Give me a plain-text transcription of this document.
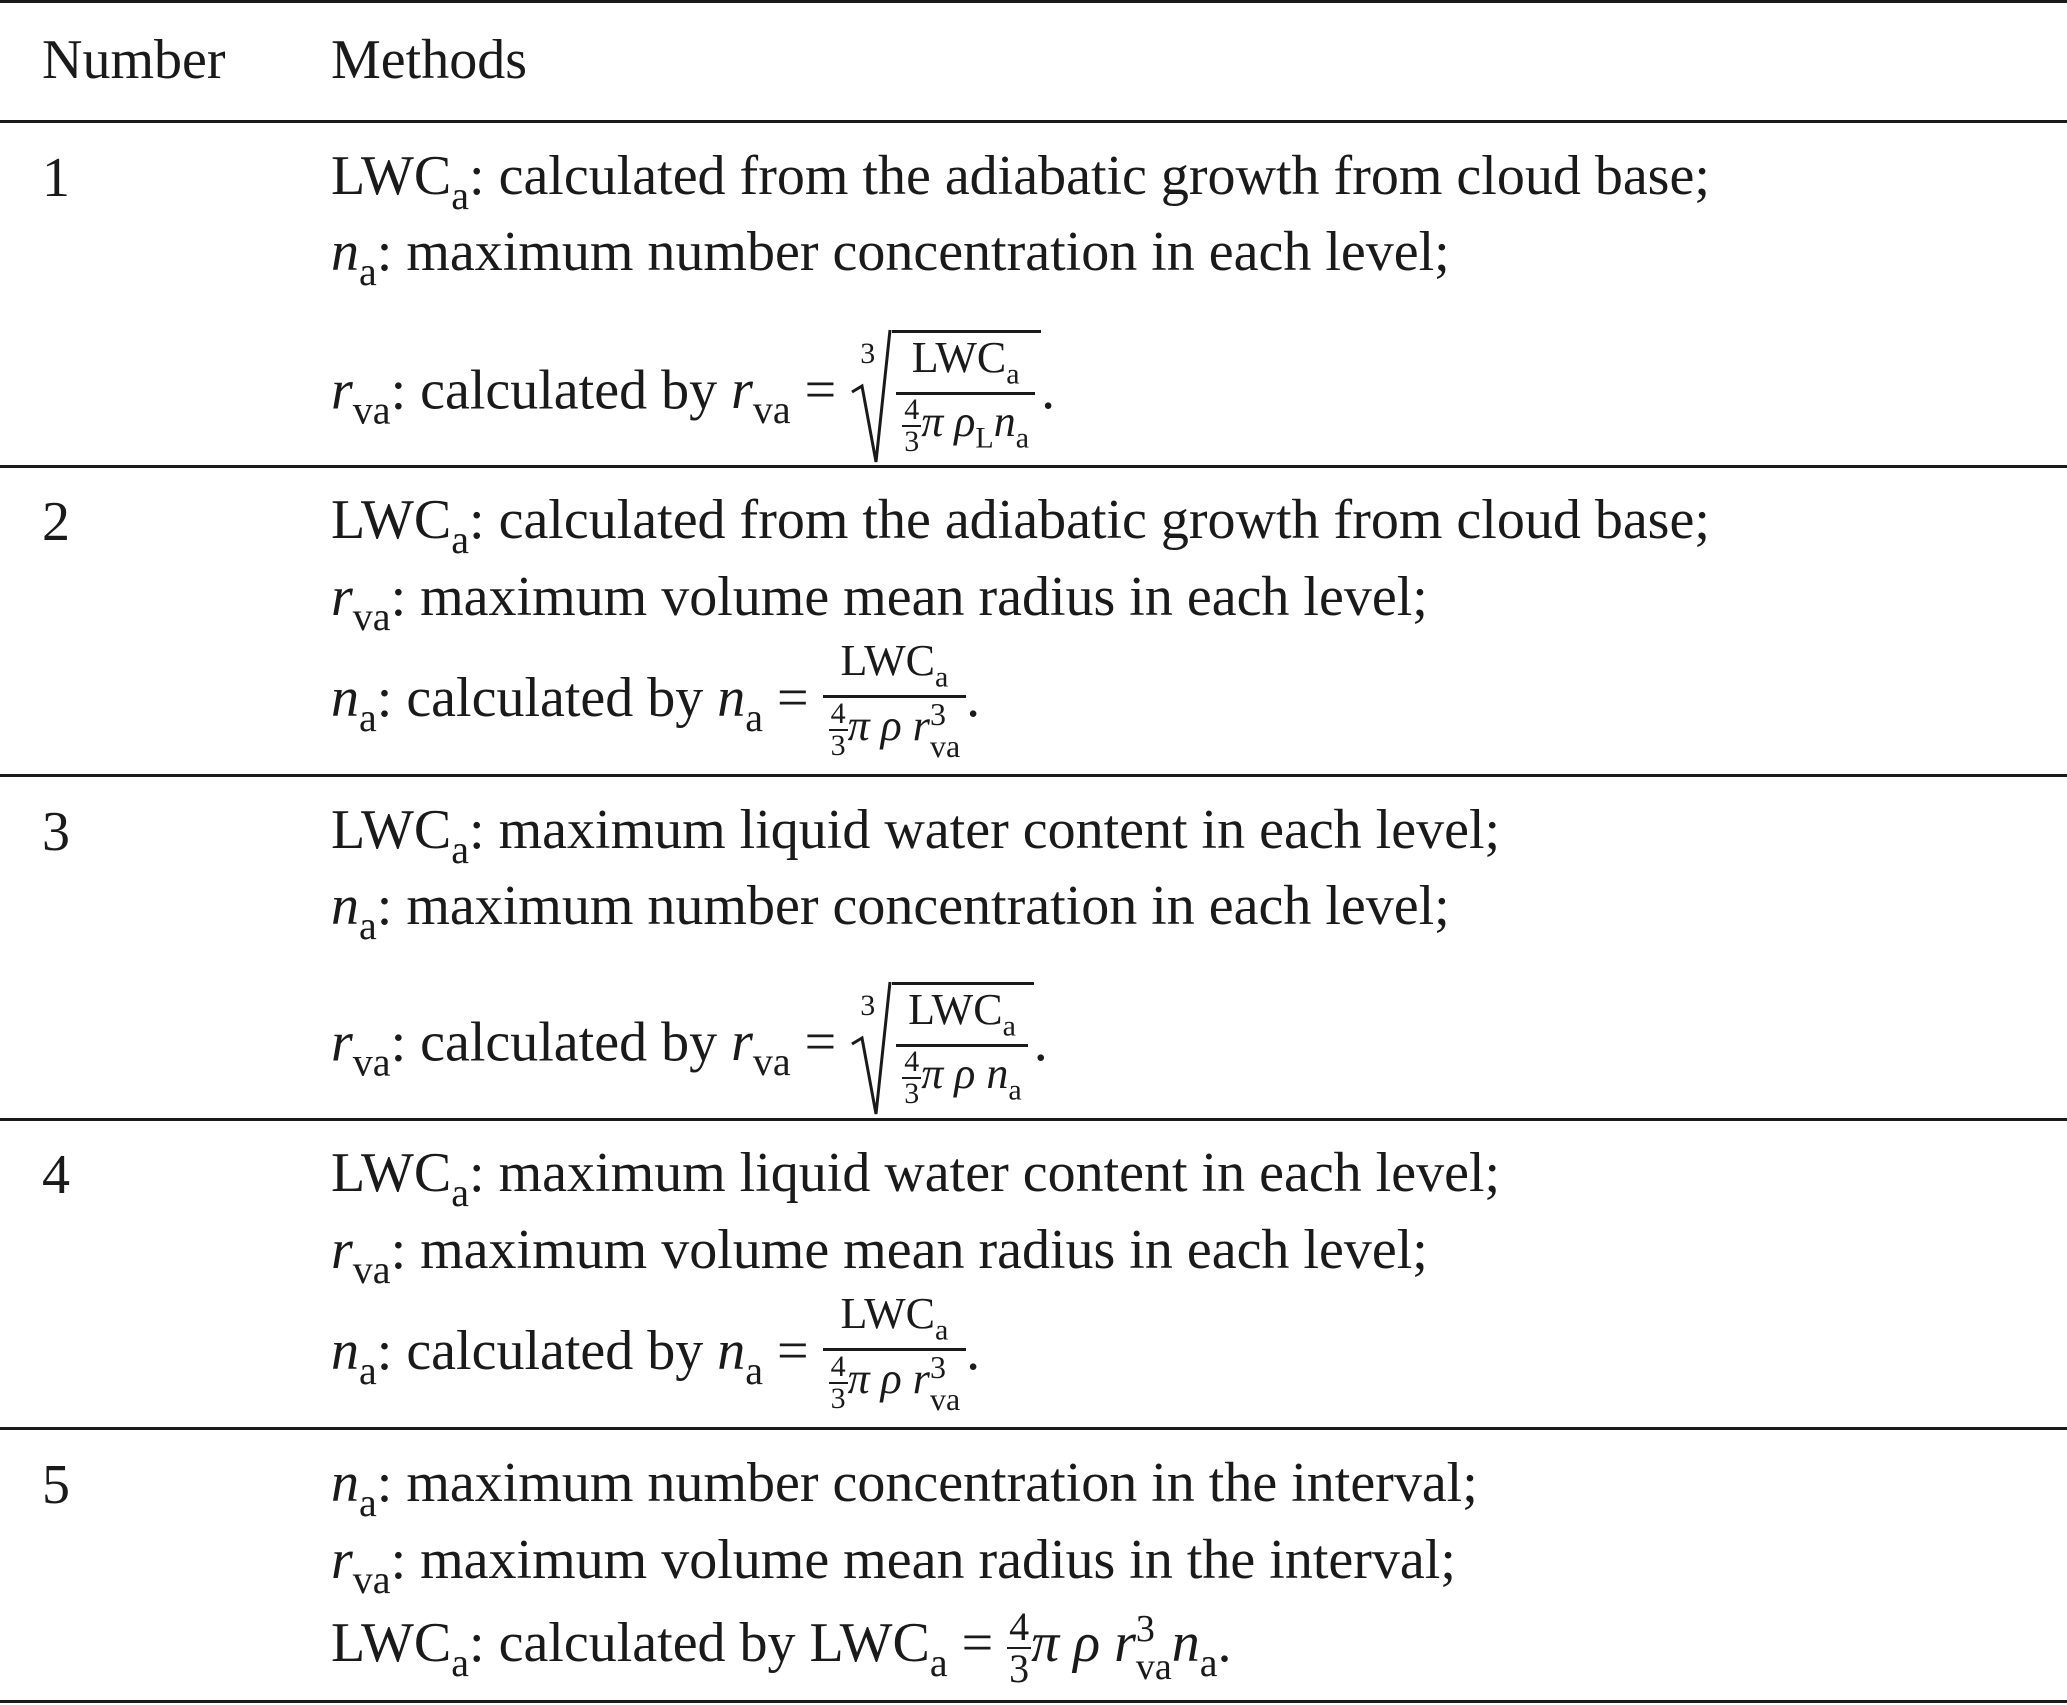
Number Methods
1	$LWC_a$: calculated from the adiabatic growth from cloud base;
$n_a$: maximum number concentration in each level;
$r_{va}$: calculated by $r_{va}$ =
$3 \frac{LWC_a}{\frac{4}{3} \pi \rho_Ln_a}$ .
2	$LWC_a$: calculated from the adiabatic growth from cloud base;
$r_{va}$: maximum volume mean radius in each level;
$n_a$: calculated by $n_a = LWC_a$
$\frac{4}{3}$ π ρ r 3
va .
3	$LWC_a$: maximum liquid water content in each level;
$n_a$: maximum number concentration in each level;
$r_{va}$: calculated by $r_{va}$ =
$3 \frac{LWC_a}{\frac{4}{3} \pi \rho n_a}$ .
4	$LWC_a$: maximum liquid water content in each level;
$r_{va}$: maximum volume mean radius in each level;
$n_a$: calculated by $n_a = LWC_a$
$\frac{4}{3}$ π ρ r 3
va .
5	$n_a$: maximum number concentration in the interval;
$r_{va}$: maximum volume mean radius in the interval;
$LWC_a$: calculated by $LWC_a = \frac{4}{3}$ π ρ r 3
va $n_a$.
